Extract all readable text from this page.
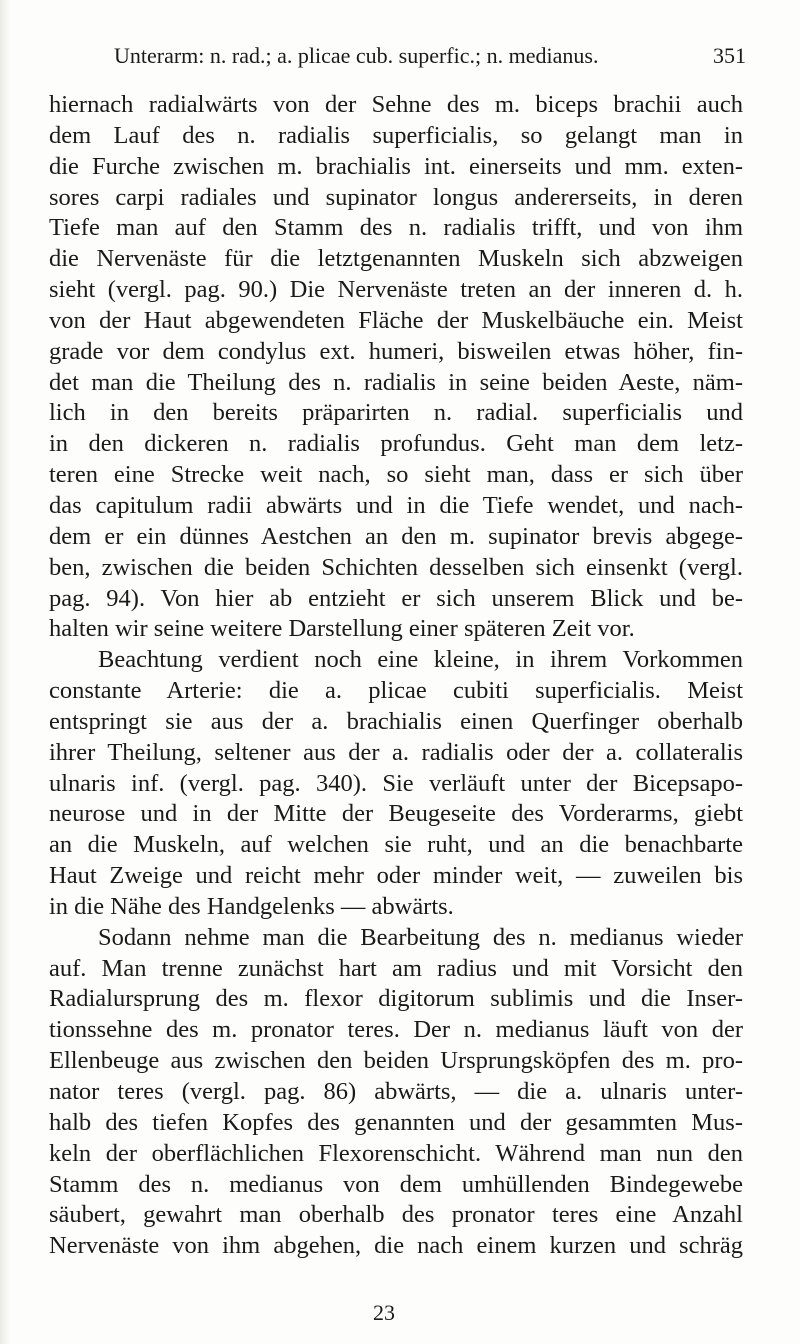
Unterarm: n. rad.; a. plicae cub. superfic.; n. medianus.	351
hiernach radialwärts von der Sehne des m. biceps brachii auch
dem Lauf des n. radialis superficialis, so gelangt man in
die Furche zwischen m. brachialis int. einerseits und mm. exten-
sores carpi radiales und supinator longus andererseits, in deren
Tiefe man auf den Stamm des n. radialis trifft, und von ihm
die Nervenäste für die letztgenannten Muskeln sich abzweigen
sieht (vergl. pag. 90.) Die Nervenäste treten an der inneren d. h.
von der Haut abgewendeten Fläche der Muskelbäuche ein. Meist
grade vor dem condylus ext. humeri, bisweilen etwas höher, fin-
det man die Theilung des n. radialis in seine beiden Aeste, näm-
lich in den bereits präparirten n. radial. superficialis und
in den dickeren n. radialis profundus. Geht man dem letz-
teren eine Strecke weit nach, so sieht man, dass er sich über
das capitulum radii abwärts und in die Tiefe wendet, und nach-
dem er ein dünnes Aestchen an den m. supinator brevis abgege-
ben, zwischen die beiden Schichten desselben sich einsenkt (vergl.
pag. 94). Von hier ab entzieht er sich unserem Blick und be-
halten wir seine weitere Darstellung einer späteren Zeit vor.
Beachtung verdient noch eine kleine, in ihrem Vorkommen
constante Arterie: die a. plicae cubiti superficialis. Meist
entspringt sie aus der a. brachialis einen Querfinger oberhalb
ihrer Theilung, seltener aus der a. radialis oder der a. collateralis
ulnaris inf. (vergl. pag. 340). Sie verläuft unter der Bicepsapo-
neurose und in der Mitte der Beugeseite des Vorderarms, giebt
an die Muskeln, auf welchen sie ruht, und an die benachbarte
Haut Zweige und reicht mehr oder minder weit, — zuweilen bis
in die Nähe des Handgelenks — abwärts.
Sodann nehme man die Bearbeitung des n. medianus wieder
auf. Man trenne zunächst hart am radius und mit Vorsicht den
Radialursprung des m. flexor digitorum sublimis und die Inser-
tionssehne des m. pronator teres. Der n. medianus läuft von der
Ellenbeuge aus zwischen den beiden Ursprungsköpfen des m. pro-
nator teres (vergl. pag. 86) abwärts, — die a. ulnaris unter-
halb des tiefen Kopfes des genannten und der gesammten Mus-
keln der oberflächlichen Flexorenschicht. Während man nun den
Stamm des n. medianus von dem umhüllenden Bindegewebe
säubert, gewahrt man oberhalb des pronator teres eine Anzahl
Nervenäste von ihm abgehen, die nach einem kurzen und schräg
23
